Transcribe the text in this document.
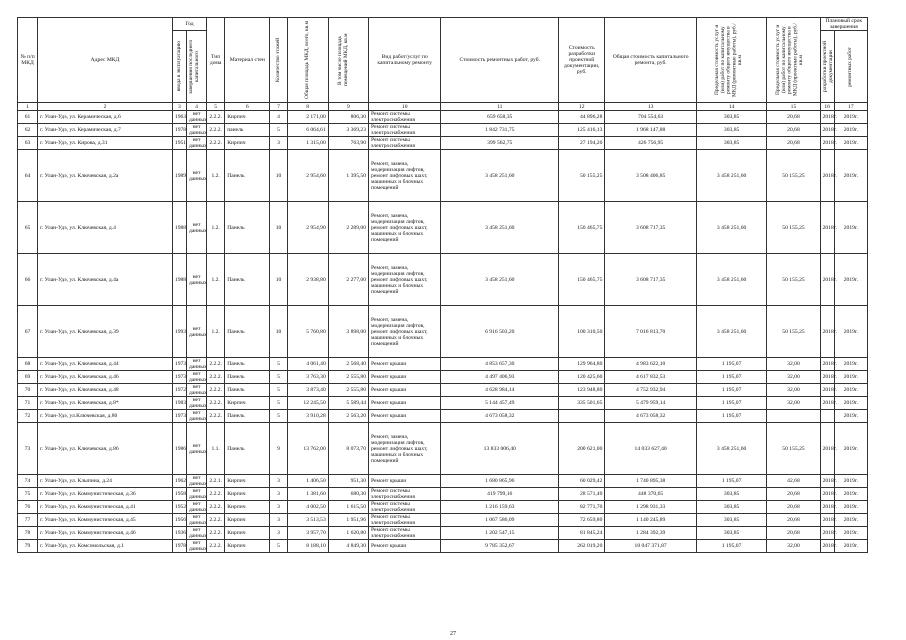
№ п/п МКД	Адрес МКД	Год		Тип дома	Материал стен	Количество этажей	Общая площадь МКД, всего, кв.м	В том числе площадь помещений МКД, кв.м	Вид работ/услуг по капитальному ремонту	Стоимость ремонтных работ, руб.	Стоимость разработки проектной документации, руб.	Общая стоимость капитального ремонта, руб.	Предельная стоимость услуг и (или) работ по капитальному ремонту общего имущества в МКД (ремонтные работы), руб./кв.м	Предельная стоимость услуг и (или) работ по капитальному ремонту общего имущества в МКД (проектные работы), руб./кв.м	Плановый срок завершения	

		ввода в эксплуатацию	завершения последнего капитального												разработки проектной документации	ремонтных работ

1	2	3	4	5	6	7	8	9	10	11	12	13	14	15	16	17
61	г. Улан-Удэ, ул. Керамическая, д.6	1963	нет данных	2.2.2.	Кирпич	4	2 171,00	806,30	Ремонт системы электроснабжения	659 658,35	44 896,28	704 554,63	303,85	20,68	2018г.	2019г.
62	г. Улан-Удэ, ул. Керамическая, д.7	1978	нет данных	2.2.2.	панель	5	6 064,61	3 369,23	Ремонт системы электроснабжения	1 842 731,75	125 416,13	1 968 147,88	303,85	20,68	2018г.	2019г.
63	г. Улан-Удэ, ул. Кирова, д.31	1951	нет данных	2.2.2.	Кирпич	3	1 315,00	763,90	Ремонт системы электроснабжения	399 562,75	27 194,20	426 756,95	303,85	20,68	2018г.	2019г.
64	г. Улан-Удэ, ул. Ключевская, д.2а	1989	нет данных	1.2.	Панель	10	2 954,60	1 395,50	Ремонт, замена, модернизация лифтов, ремонт лифтовых шахт, машинных и блочных помещений	3 458 251,60	50 155,25	3 508 406,85	3 458 251,60	50 155,25	2018г.	2019г.
65	г. Улан-Удэ, ул. Ключевская, д.4	1988	нет данных	1.2.	Панель	10	2 954,90	2 289,00	Ремонт, замена, модернизация лифтов, ремонт лифтовых шахт, машинных и блочных помещений	3 458 251,60	150 465,75	3 608 717,35	3 458 251,60	50 155,25	2018г.	2019г.
66	г. Улан-Удэ, ул. Ключевская, д.4а	1988	нет данных	1.2.	Панель	10	2 938,80	2 277,00	Ремонт, замена, модернизация лифтов, ремонт лифтовых шахт, машинных и блочных помещений	3 458 251,60	150 465,75	3 608 717,35	3 458 251,60	50 155,25	2018г.	2019г.
67	г. Улан-Удэ, ул. Ключевская, д.39	1993	нет данных	1.2.	Панель	10	5 760,80	3 898,00	Ремонт, замена, модернизация лифтов, ремонт лифтовых шахт, машинных и блочных помещений	6 916 503,20	100 310,50	7 016 813,70	3 458 251,60	50 155,25	2018г.	2019г.
68	г. Улан-Удэ, ул. Ключевская, д.44	1973	нет данных	2.2.2.	Панель	5	4 061,40	2 568,40	Ремонт крыши	4 853 657,30	129 964,80	4 983 622,10	1 195,07	32,00	2018г.	2019г.
69	г. Улан-Удэ, ул. Ключевская, д.46	1973	нет данных	2.2.2.	Панель	5	3 763,30	2 555,80	Ремонт крыши	4 497 406,93	120 425,60	4 617 832,53	1 195,07	32,00	2018г.	2019г.
70	г. Улан-Удэ, ул. Ключевская, д.48	1972	нет данных	2.2.2.	Панель	5	3 873,40	2 555,80	Ремонт крыши	4 628 984,14	123 948,80	4 752 932,94	1 195,07	32,00	2018г.	2019г.
71	г. Улан-Удэ, ул. Ключевская, д.8*	1983	нет данных	2.2.2.	Кирпич	5	12 245,50	5 589,44	Ремонт крыши	5 144 457,49	335 501,65	5 479 959,14	1 195,07	32,00	2018г.	2019г.
72	г. Улан-Удэ, ул.Ключевская, д.80	1973	нет данных	2.2.2.	Панель	5	3 910,28	2 563,20	Ремонт крыши	4 673 058,32		4 673 058,32	1 195,07			2019г.
73	г. Улан-Удэ, ул. Ключевская, д.86	1986	нет данных	1.1.	Панель	9	13 762,00	8 073,70	Ремонт, замена, модернизация лифтов, ремонт лифтовых шахт, машинных и блочных помещений	13 833 006,40	200 621,00	14 033 627,40	3 458 251,60	50 155,25	2018г.	2019г.
74	г. Улан-Удэ, ул. Клыпина, д.24	1962	нет данных	2.2.1.	Кирпич	3	1 406,50	951,30	Ремонт крыши	1 680 865,96	60 029,42	1 740 895,38	1 195,07	42,68	2018г.	2019г.
75	г. Улан-Удэ, ул. Коммунистическая, д.36	1958	нет данных	2.2.2.	Кирпич	3	1 381,60	680,30	Ремонт системы электроснабжения	419 799,16	28 571,40	448 370,65	303,85	20,68	2018г.	2019г.
76	г. Улан-Удэ, ул. Коммунистическая, д.41	1952	нет данных	2.2.2.	Кирпич	3	4 002,50	1 615,50	Ремонт системы электроснабжения	1 216 159,63	82 771,70	1 298 931,33	303,85	20,68	2018г.	2019г.
77	г. Улан-Удэ, ул. Коммунистическая, д.45	1956	нет данных	2.2.2.	Кирпич	3	3 513,53	1 951,96	Ремонт системы электроснабжения	1 067 586,09	72 659,80	1 140 245,89	303,85	20,68	2018г.	2019г.
78	г. Улан-Удэ, ул. Коммунистическая, д.46	1936	нет данных	2.2.2.	Кирпич	3	3 957,70	1 620,80	Ремонт системы электроснабжения	1 202 547,15	81 845,24	1 284 392,39	303,85	20,68	2018г.	2019г.
79	г. Улан-Удэ, ул. Комсомольская, д.1	1978	нет данных	2.2.2.	Кирпич	5	8 188,10	4 849,30	Ремонт крыши	9 785 352,67	262 019,20	10 047 371,87	1 195,07	32,00	2018г.	2019г.
27
